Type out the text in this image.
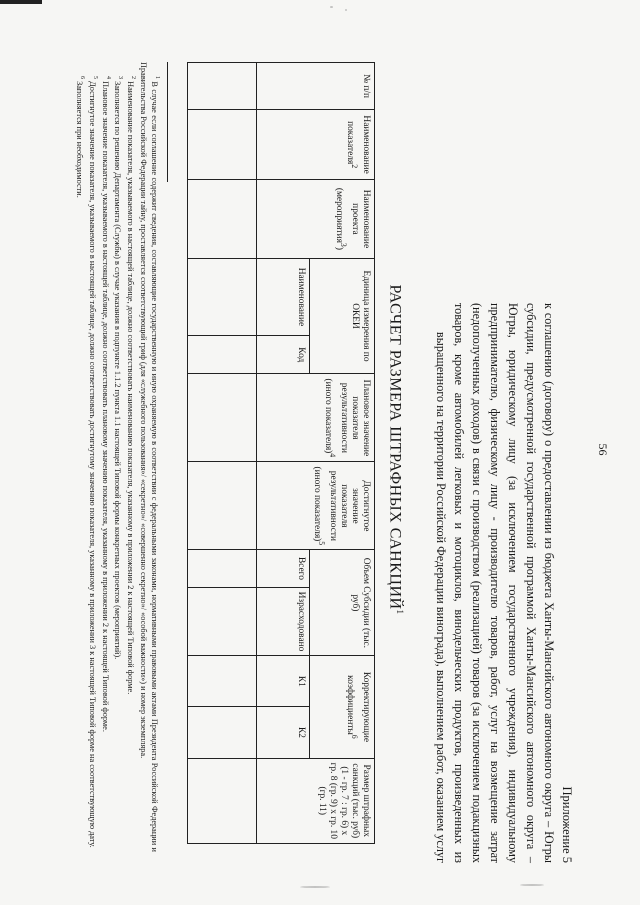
56
Приложение 5
к соглашению (договору) о предоставлении из бюджета Ханты-Мансийского автономного округа – Югры субсидии, предусмотренной государственной программой Ханты-Мансийского автономного округа – Югры, юридическому лицу (за исключением государственного учреждения), индивидуальному предпринимателю, физическому лицу - производителю товаров, работ, услуг на возмещение затрат (недополученных доходов) в связи с производством (реализацией) товаров (за исключением подакцизных товаров, кроме автомобилей легковых и мотоциклов, винодельческих продуктов, произведенных из выращенного на территории Российской Федерации винограда), выполнением работ, оказанием услуг
РАСЧЕТ РАЗМЕРА ШТРАФНЫХ САНКЦИЙ$^1$
№ п/п	Наименование показателя$^2$	Наименование проекта (мероприятия$^3$)	Единица измерения по ОКЕИ		Плановое значение показателя результативности (иного показателя)$^4$	Достигнутое значение показателя результативности (иного показателя)$^5$	Объем Субсидии (тыс. руб)		Корректирующие коэффициенты$^6$		Размер штрафных санкций (тыс. руб) (1 - гр. 7 : гр. 6) х гр. 8 (гр. 9) х гр. 10 (гр. 11)
			Наименование	Код							
							Всего	Израсходовано	К1	К2	

$^1$ В случае если соглашение содержит сведения, составляющие государственную и иную охраняемую в соответствии с федеральными законами, нормативными правовыми актами Президента Российской Федерации и Правительства Российской Федерации тайну, проставляется соответствующий гриф (для «служебного пользования»/ «секретно»/ «совершенно секретно»/ «особой важности») и номер экземпляра.

$^2$ Наименование показателя, указываемого в настоящей таблице, должно соответствовать наименованию показателя, указанному в приложении 2 к настоящей Типовой форме.

$^3$ Заполняется по решению Департамента (Службы) в случае указания в подпункте 1.1.2 пункта 1.1 настоящей Типовой формы конкретных проектов (мероприятий).

$^4$ Плановое значение показателя, указываемого в настоящей таблице, должно соответствовать плановому значению показателя, указанному в приложении 2 к настоящей Типовой форме.

$^5$ Достигнутое значение показателя, указываемого в настоящей таблице, должно соответствовать достигнутому значению показателя, указанному в приложении 3 к настоящей Типовой форме на соответствующую дату.

$^6$ Заполняется при необходимости.
